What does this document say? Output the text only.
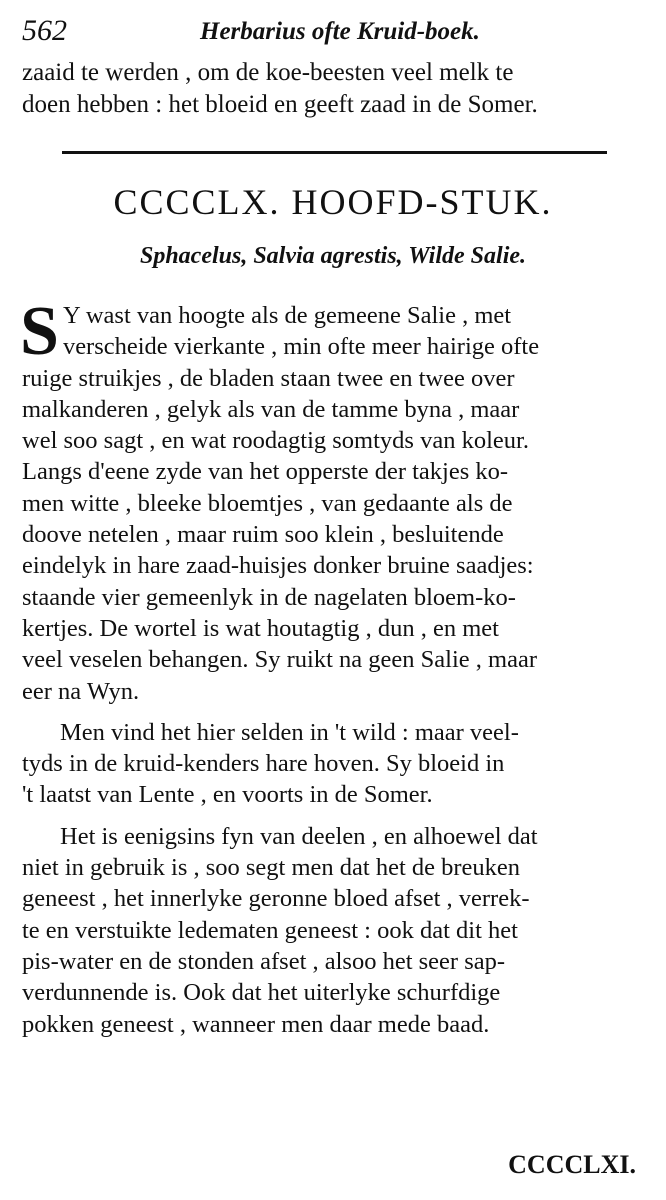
562	Herbarius ofte Kruid-boek.

zaaid te werden , om de koe-beesten veel melk te

doen hebben : het bloeid en geeft zaad in de Somer.

CCCCLX. HOOFD-STUK.
Sphacelus, Salvia agrestis, Wilde Salie.
S Y wast van hoogte als de gemeene Salie , met
verscheide vierkante , min ofte meer hairige ofte
ruige struikjes , de bladen staan twee en twee over
malkanderen , gelyk als van de tamme byna , maar
wel soo sagt , en wat roodagtig somtyds van koleur.
Langs d'eene zyde van het opperste der takjes ko-
men witte , bleeke bloemtjes , van gedaante als de
doove netelen , maar ruim soo klein , besluitende
eindelyk in hare zaad-huisjes donker bruine saadjes:
staande vier gemeenlyk in de nagelaten bloem-ko-
kertjes. De wortel is wat houtagtig , dun , en met
veel veselen behangen. Sy ruikt na geen Salie , maar
eer na Wyn.
Men vind het hier selden in 't wild : maar veel-
tyds in de kruid-kenders hare hoven. Sy bloeid in
't laatst van Lente , en voorts in de Somer.
Het is eenigsins fyn van deelen , en alhoewel dat
niet in gebruik is , soo segt men dat het de breuken
geneest , het innerlyke geronne bloed afset , verrek-
te en verstuikte ledematen geneest : ook dat dit het
pis-water en de stonden afset , alsoo het seer sap-
verdunnende is. Ook dat het uiterlyke schurfdige
pokken geneest , wanneer men daar mede baad.
CCCCLXI.
